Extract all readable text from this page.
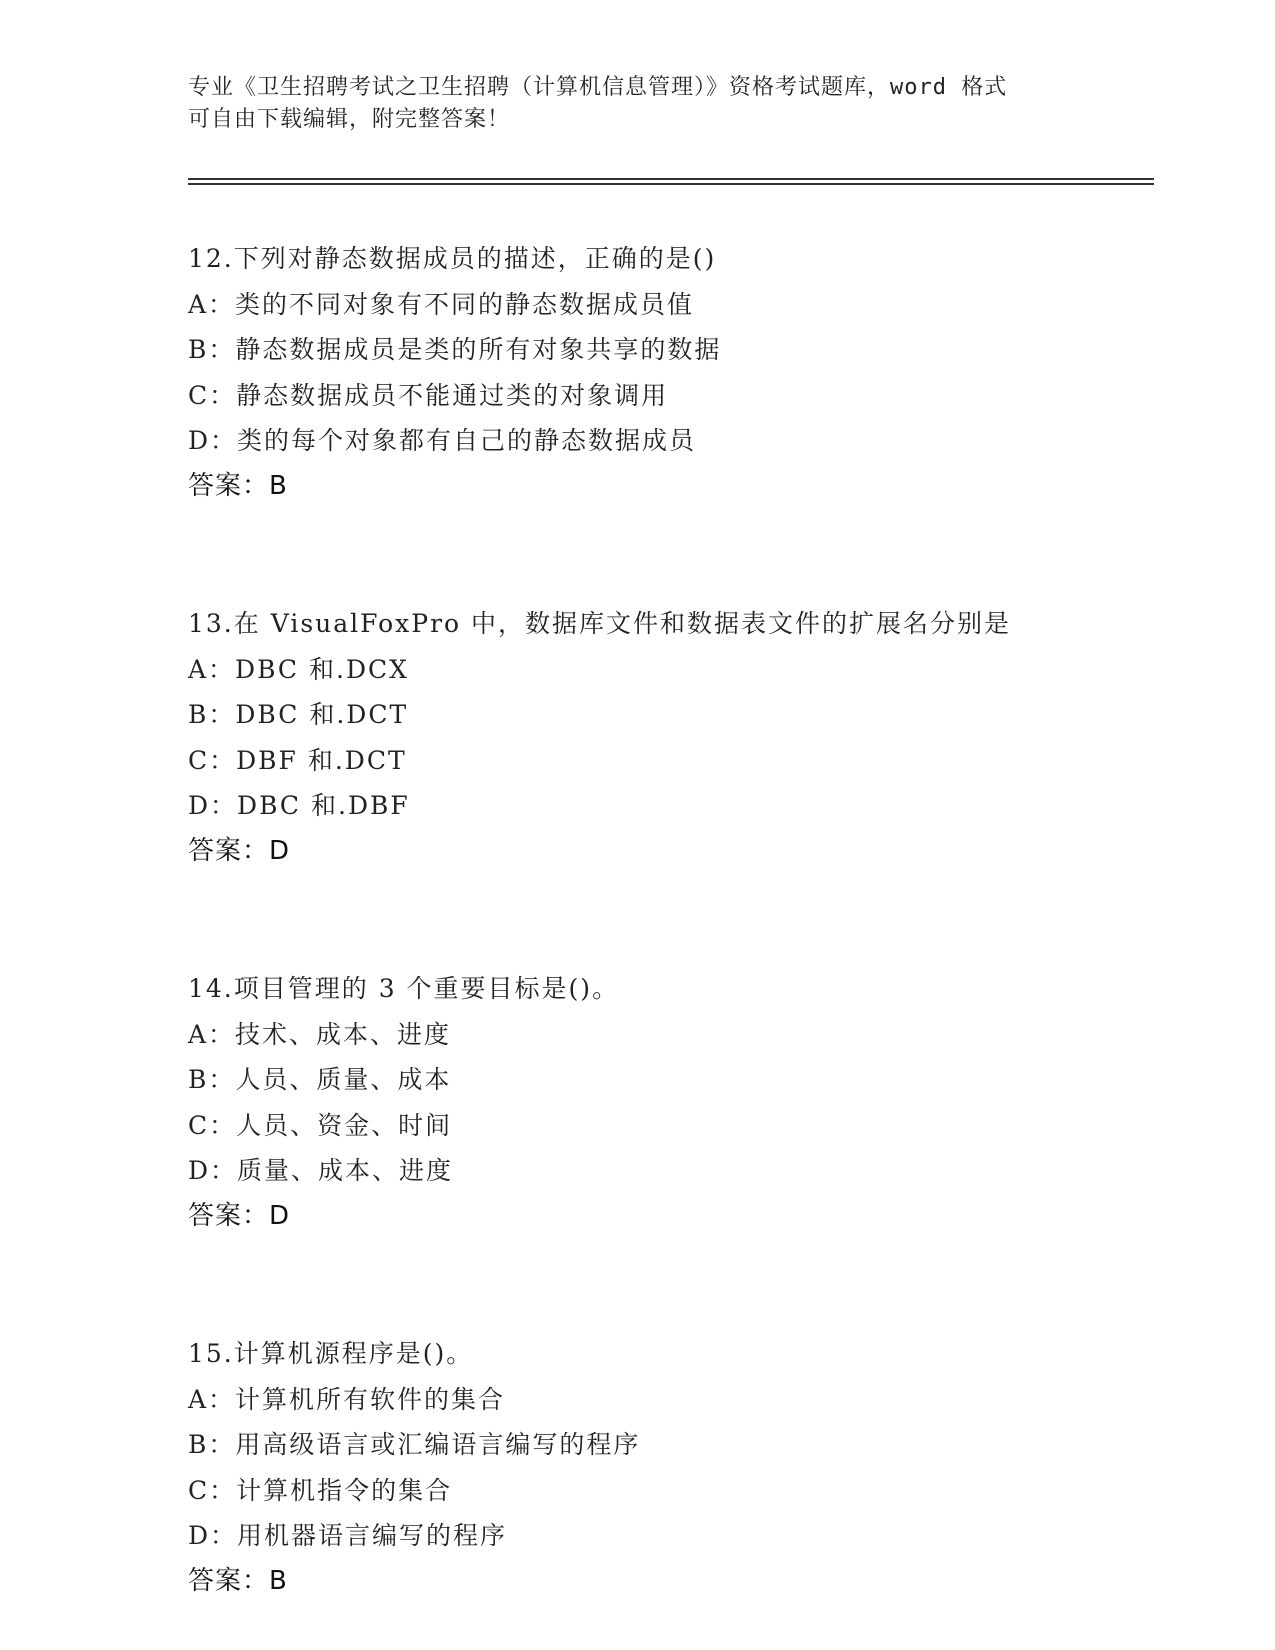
专业《卫生招聘考试之卫生招聘（计算机信息管理）》资格考试题库，word 格式
可自由下载编辑，附完整答案！
12.下列对静态数据成员的描述，正确的是()
A：类的不同对象有不同的静态数据成员值
B：静态数据成员是类的所有对象共享的数据
C：静态数据成员不能通过类的对象调用
D：类的每个对象都有自己的静态数据成员
答案：B
13.在 VisualFoxPro 中，数据库文件和数据表文件的扩展名分别是
A：DBC 和.DCX
B：DBC 和.DCT
C：DBF 和.DCT
D：DBC 和.DBF
答案：D
14.项目管理的 3 个重要目标是()。
A：技术、成本、进度
B：人员、质量、成本
C：人员、资金、时间
D：质量、成本、进度
答案：D
15.计算机源程序是()。
A：计算机所有软件的集合
B：用高级语言或汇编语言编写的程序
C：计算机指令的集合
D：用机器语言编写的程序
答案：B
